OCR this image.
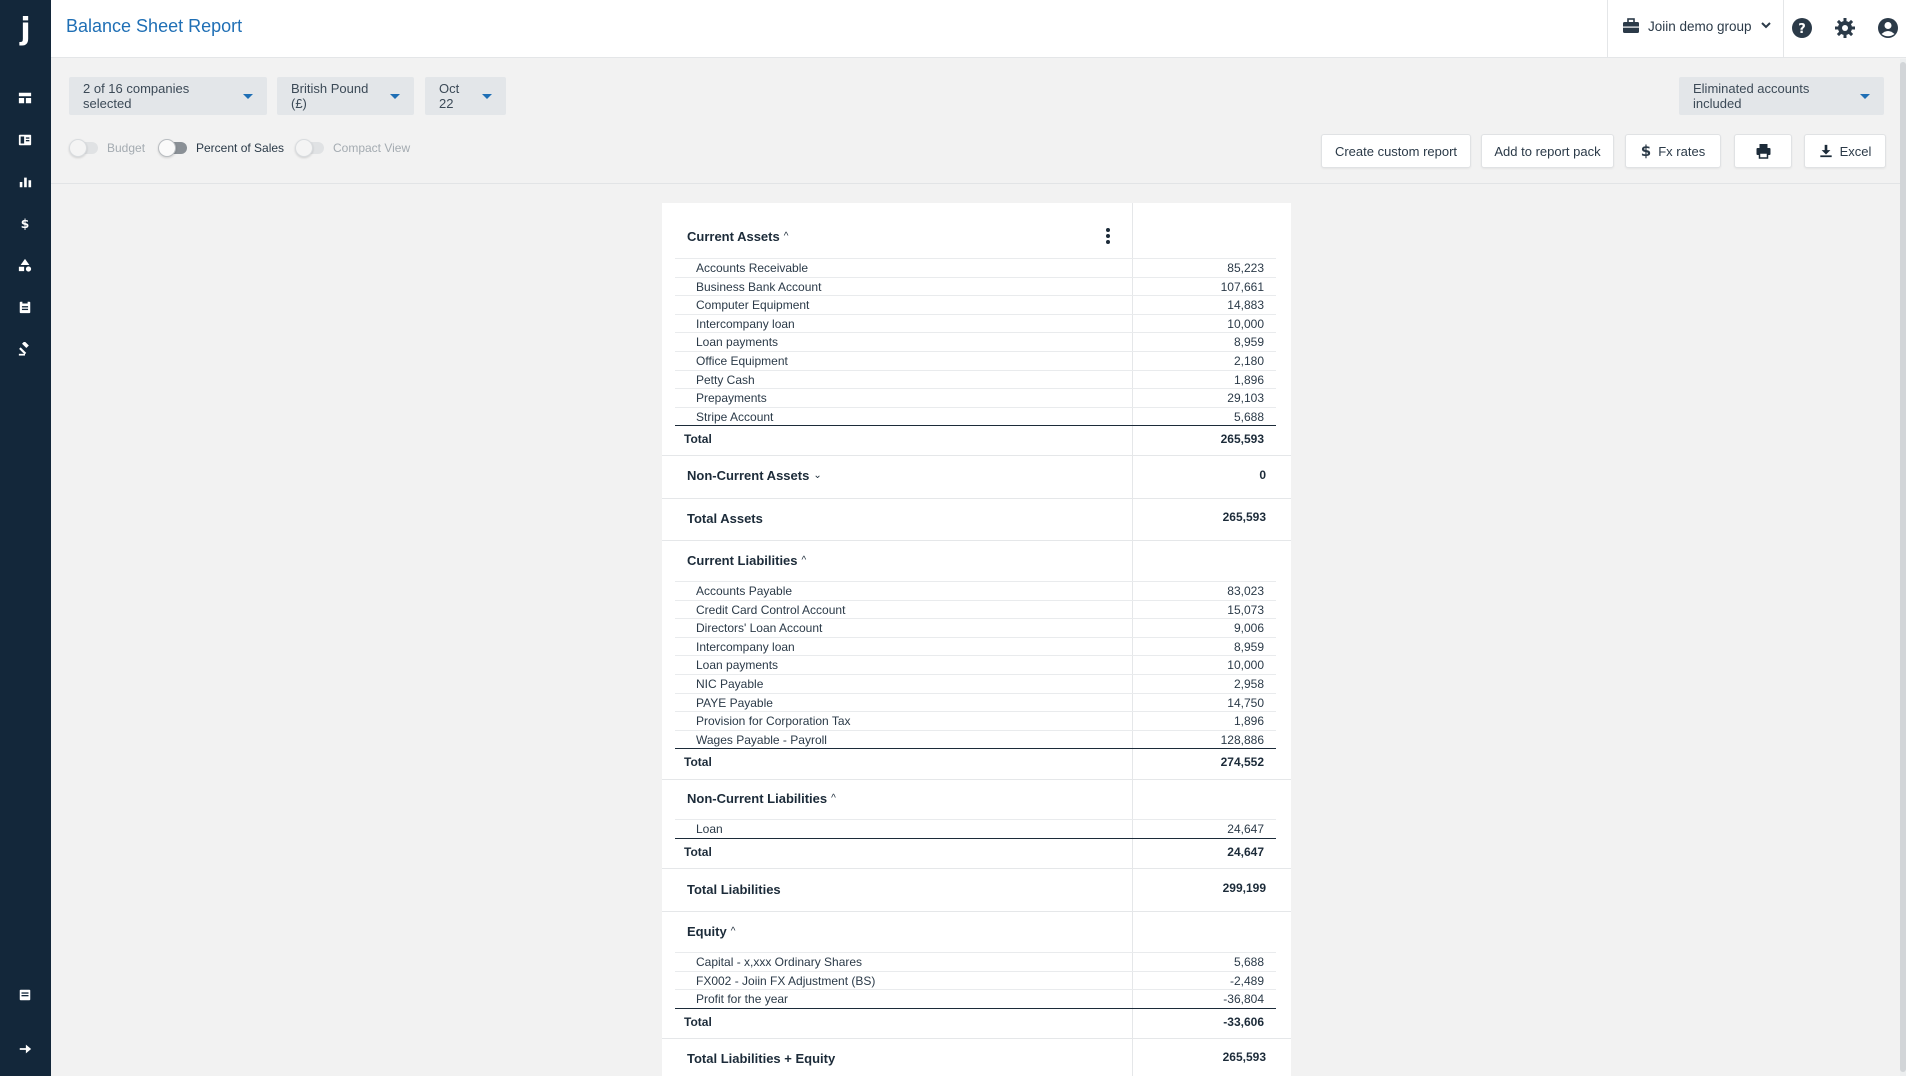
j
$
Balance Sheet Report	Joiin demo group	?
2 of 16 companies selected
British Pound (£)
Oct 22
Eliminated accounts included
Budget	Percent of Sales	Compact View	Create custom report	Add to report pack	$ Fx rates	Excel
Current Assets ^
Accounts Receivable	85,223
Business Bank Account	107,661
Computer Equipment	14,883
Intercompany loan	10,000
Loan payments	8,959
Office Equipment	2,180
Petty Cash	1,896
Prepayments	29,103
Stripe Account	5,688
Total	265,593
Non-Current Assets ⌄	0
Total Assets	265,593
Current Liabilities ^
Accounts Payable	83,023
Credit Card Control Account	15,073
Directors' Loan Account	9,006
Intercompany loan	8,959
Loan payments	10,000
NIC Payable	2,958
PAYE Payable	14,750
Provision for Corporation Tax	1,896
Wages Payable - Payroll	128,886
Total	274,552
Non-Current Liabilities ^
Loan	24,647
Total	24,647
Total Liabilities	299,199
Equity ^
Capital - x,xxx Ordinary Shares	5,688
FX002 - Joiin FX Adjustment (BS)	-2,489
Profit for the year	-36,804
Total	-33,606
Total Liabilities + Equity	265,593
